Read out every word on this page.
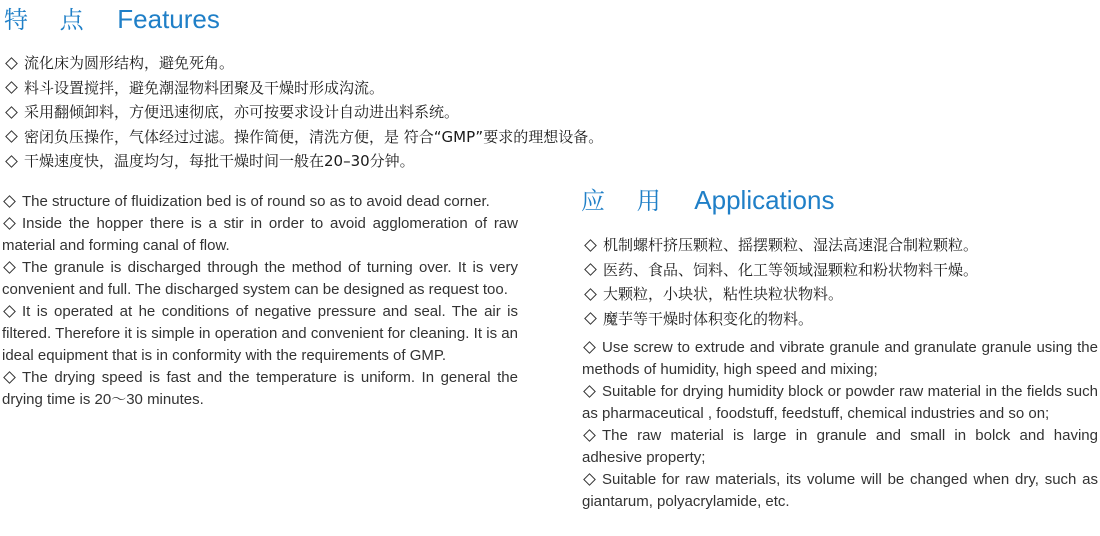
特 点 Features
流化床为圆形结构，避免死角。
料斗设置搅拌，避免潮湿物料团聚及干燥时形成沟流。
采用翻倾卸料，方便迅速彻底，亦可按要求设计自动进出料系统。
密闭负压操作，气体经过过滤。操作简便，清洗方便，是 符合“GMP”要求的理想设备。
干燥速度快，温度均匀，每批干燥时间一般在20–30分钟。
The structure of fluidization bed is of round so as to avoid dead corner.
Inside the hopper there is a stir in order to avoid agglomeration of raw material and forming canal of flow.
The granule is discharged through the method of turning over. It is very convenient and full. The discharged system can be designed as request too.
It is operated at he conditions of negative pressure and seal. The air is filtered. Therefore it is simple in operation and convenient for cleaning. It is an ideal equipment that is in conformity with the requirements of GMP.
The drying speed is fast and the temperature is uniform. In general the drying time is 20～30 minutes.
应 用 Applications
机制螺杆挤压颗粒、摇摆颗粒、湿法高速混合制粒颗粒。
医药、食品、饲料、化工等领域湿颗粒和粉状物料干燥。
大颗粒，小块状，粘性块粒状物料。
魔芋等干燥时体积变化的物料。
Use screw to extrude and vibrate granule and granulate granule using the methods of humidity, high speed and mixing;
Suitable for drying humidity block or powder raw material in the fields such as pharmaceutical , foodstuff, feedstuff, chemical industries and so on;
The raw material is large in granule and small in bolck and having adhesive property;
Suitable for raw materials, its volume will be changed when dry, such as giantarum, polyacrylamide, etc.
